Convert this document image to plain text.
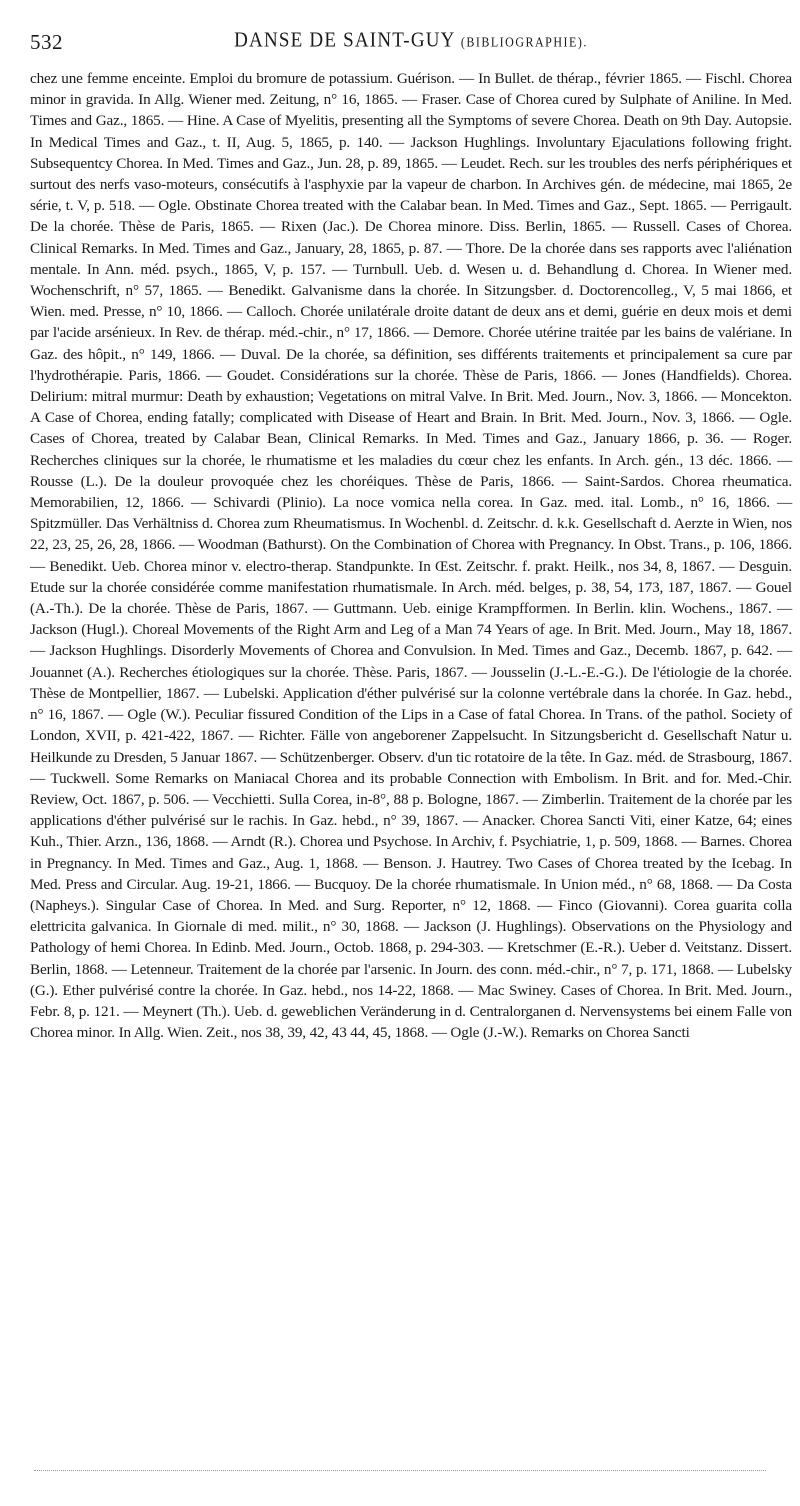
532	DANSE DE SAINT-GUY (BIBLIOGRAPHIE).
chez une femme enceinte. Emploi du bromure de potassium. Guérison. — In Bullet. de thérap., février 1865. — Fischl. Chorea minor in gravida. In Allg. Wiener med. Zeitung, n° 16, 1865. — Fraser. Case of Chorea cured by Sulphate of Aniline. In Med. Times and Gaz., 1865. — Hine. A Case of Myelitis, presenting all the Symptoms of severe Chorea. Death on 9th Day. Autopsie. In Medical Times and Gaz., t. II, Aug. 5, 1865, p. 140. — Jackson Hughlings. Involuntary Ejaculations following fright. Subsequentcy Chorea. In Med. Times and Gaz., Jun. 28, p. 89, 1865. — Leudet. Rech. sur les troubles des nerfs périphériques et surtout des nerfs vaso-moteurs, consécutifs à l'asphyxie par la vapeur de charbon. In Archives gén. de médecine, mai 1865, 2e série, t. V, p. 518. — Ogle. Obstinate Chorea treated with the Calabar bean. In Med. Times and Gaz., Sept. 1865. — Perrigault. De la chorée. Thèse de Paris, 1865. — Rixen (Jac.). De Chorea minore. Diss. Berlin, 1865. — Russell. Cases of Chorea. Clinical Remarks. In Med. Times and Gaz., January, 28, 1865, p. 87. — Thore. De la chorée dans ses rapports avec l'aliénation mentale. In Ann. méd. psych., 1865, V, p. 157. — Turnbull. Ueb. d. Wesen u. d. Behandlung d. Chorea. In Wiener med. Wochenschrift, n° 57, 1865. — Benedikt. Galvanisme dans la chorée. In Sitzungsber. d. Doctorencolleg., V, 5 mai 1866, et Wien. med. Presse, n° 10, 1866. — Calloch. Chorée unilatérale droite datant de deux ans et demi, guérie en deux mois et demi par l'acide arsénieux. In Rev. de thérap. méd.-chir., n° 17, 1866. — Demore. Chorée utérine traitée par les bains de valériane. In Gaz. des hôpit., n° 149, 1866. — Duval. De la chorée, sa définition, ses différents traitements et principalement sa cure par l'hydrothérapie. Paris, 1866. — Goudet. Considérations sur la chorée. Thèse de Paris, 1866. — Jones (Handfields). Chorea. Delirium: mitral murmur: Death by exhaustion; Vegetations on mitral Valve. In Brit. Med. Journ., Nov. 3, 1866. — Moncekton. A Case of Chorea, ending fatally; complicated with Disease of Heart and Brain. In Brit. Med. Journ., Nov. 3, 1866. — Ogle. Cases of Chorea, treated by Calabar Bean, Clinical Remarks. In Med. Times and Gaz., January 1866, p. 36. — Roger. Recherches cliniques sur la chorée, le rhumatisme et les maladies du cœur chez les enfants. In Arch. gén., 13 déc. 1866. — Rousse (L.). De la douleur provoquée chez les choréiques. Thèse de Paris, 1866. — Saint-Sardos. Chorea rheumatica. Memorabilien, 12, 1866. — Schivardi (Plinio). La noce vomica nella corea. In Gaz. med. ital. Lomb., n° 16, 1866. — Spitzmüller. Das Verhältniss d. Chorea zum Rheumatismus. In Wochenbl. d. Zeitschr. d. k.k. Gesellschaft d. Aerzte in Wien, nos 22, 23, 25, 26, 28, 1866. — Woodman (Bathurst). On the Combination of Chorea with Pregnancy. In Obst. Trans., p. 106, 1866. — Benedikt. Ueb. Chorea minor v. electro-therap. Standpunkte. In Œst. Zeitschr. f. prakt. Heilk., nos 34, 8, 1867. — Desguin. Etude sur la chorée considérée comme manifestation rhumatismale. In Arch. méd. belges, p. 38, 54, 173, 187, 1867. — Gouel (A.-Th.). De la chorée. Thèse de Paris, 1867. — Guttmann. Ueb. einige Krampfformen. In Berlin. klin. Wochens., 1867. — Jackson (Hugl.). Choreal Movements of the Right Arm and Leg of a Man 74 Years of age. In Brit. Med. Journ., May 18, 1867. — Jackson Hughlings. Disorderly Movements of Chorea and Convulsion. In Med. Times and Gaz., Decemb. 1867, p. 642. — Jouannet (A.). Recherches étiologiques sur la chorée. Thèse. Paris, 1867. — Jousselin (J.-L.-E.-G.). De l'étiologie de la chorée. Thèse de Montpellier, 1867. — Lubelski. Application d'éther pulvérisé sur la colonne vertébrale dans la chorée. In Gaz. hebd., n° 16, 1867. — Ogle (W.). Peculiar fissured Condition of the Lips in a Case of fatal Chorea. In Trans. of the pathol. Society of London, XVII, p. 421-422, 1867. — Richter. Fälle von angeborener Zappelsucht. In Sitzungsbericht d. Gesellschaft Natur u. Heilkunde zu Dresden, 5 Januar 1867. — Schützenberger. Observ. d'un tic rotatoire de la tête. In Gaz. méd. de Strasbourg, 1867. — Tuckwell. Some Remarks on Maniacal Chorea and its probable Connection with Embolism. In Brit. and for. Med.-Chir. Review, Oct. 1867, p. 506. — Vecchietti. Sulla Corea, in-8°, 88 p. Bologne, 1867. — Zimberlin. Traitement de la chorée par les applications d'éther pulvérisé sur le rachis. In Gaz. hebd., n° 39, 1867. — Anacker. Chorea Sancti Viti, einer Katze, 64; eines Kuh., Thier. Arzn., 136, 1868. — Arndt (R.). Chorea und Psychose. In Archiv, f. Psychiatrie, 1, p. 509, 1868. — Barnes. Chorea in Pregnancy. In Med. Times and Gaz., Aug. 1, 1868. — Benson. J. Hautrey. Two Cases of Chorea treated by the Icebag. In Med. Press and Circular. Aug. 19-21, 1866. — Bucquoy. De la chorée rhumatismale. In Union méd., n° 68, 1868. — Da Costa (Napheys.). Singular Case of Chorea. In Med. and Surg. Reporter, n° 12, 1868. — Finco (Giovanni). Corea guarita colla elettricita galvanica. In Giornale di med. milit., n° 30, 1868. — Jackson (J. Hughlings). Observations on the Physiology and Pathology of hemi Chorea. In Edinb. Med. Journ., Octob. 1868, p. 294-303. — Kretschmer (E.-R.). Ueber d. Veitstanz. Dissert. Berlin, 1868. — Letenneur. Traitement de la chorée par l'arsenic. In Journ. des conn. méd.-chir., n° 7, p. 171, 1868. — Lubelsky (G.). Ether pulvérisé contre la chorée. In Gaz. hebd., nos 14-22, 1868. — Mac Swiney. Cases of Chorea. In Brit. Med. Journ., Febr. 8, p. 121. — Meynert (Th.). Ueb. d. geweblichen Veränderung in d. Centralorganen d. Nervensystems bei einem Falle von Chorea minor. In Allg. Wien. Zeit., nos 38, 39, 42, 43 44, 45, 1868. — Ogle (J.-W.). Remarks on Chorea Sancti
